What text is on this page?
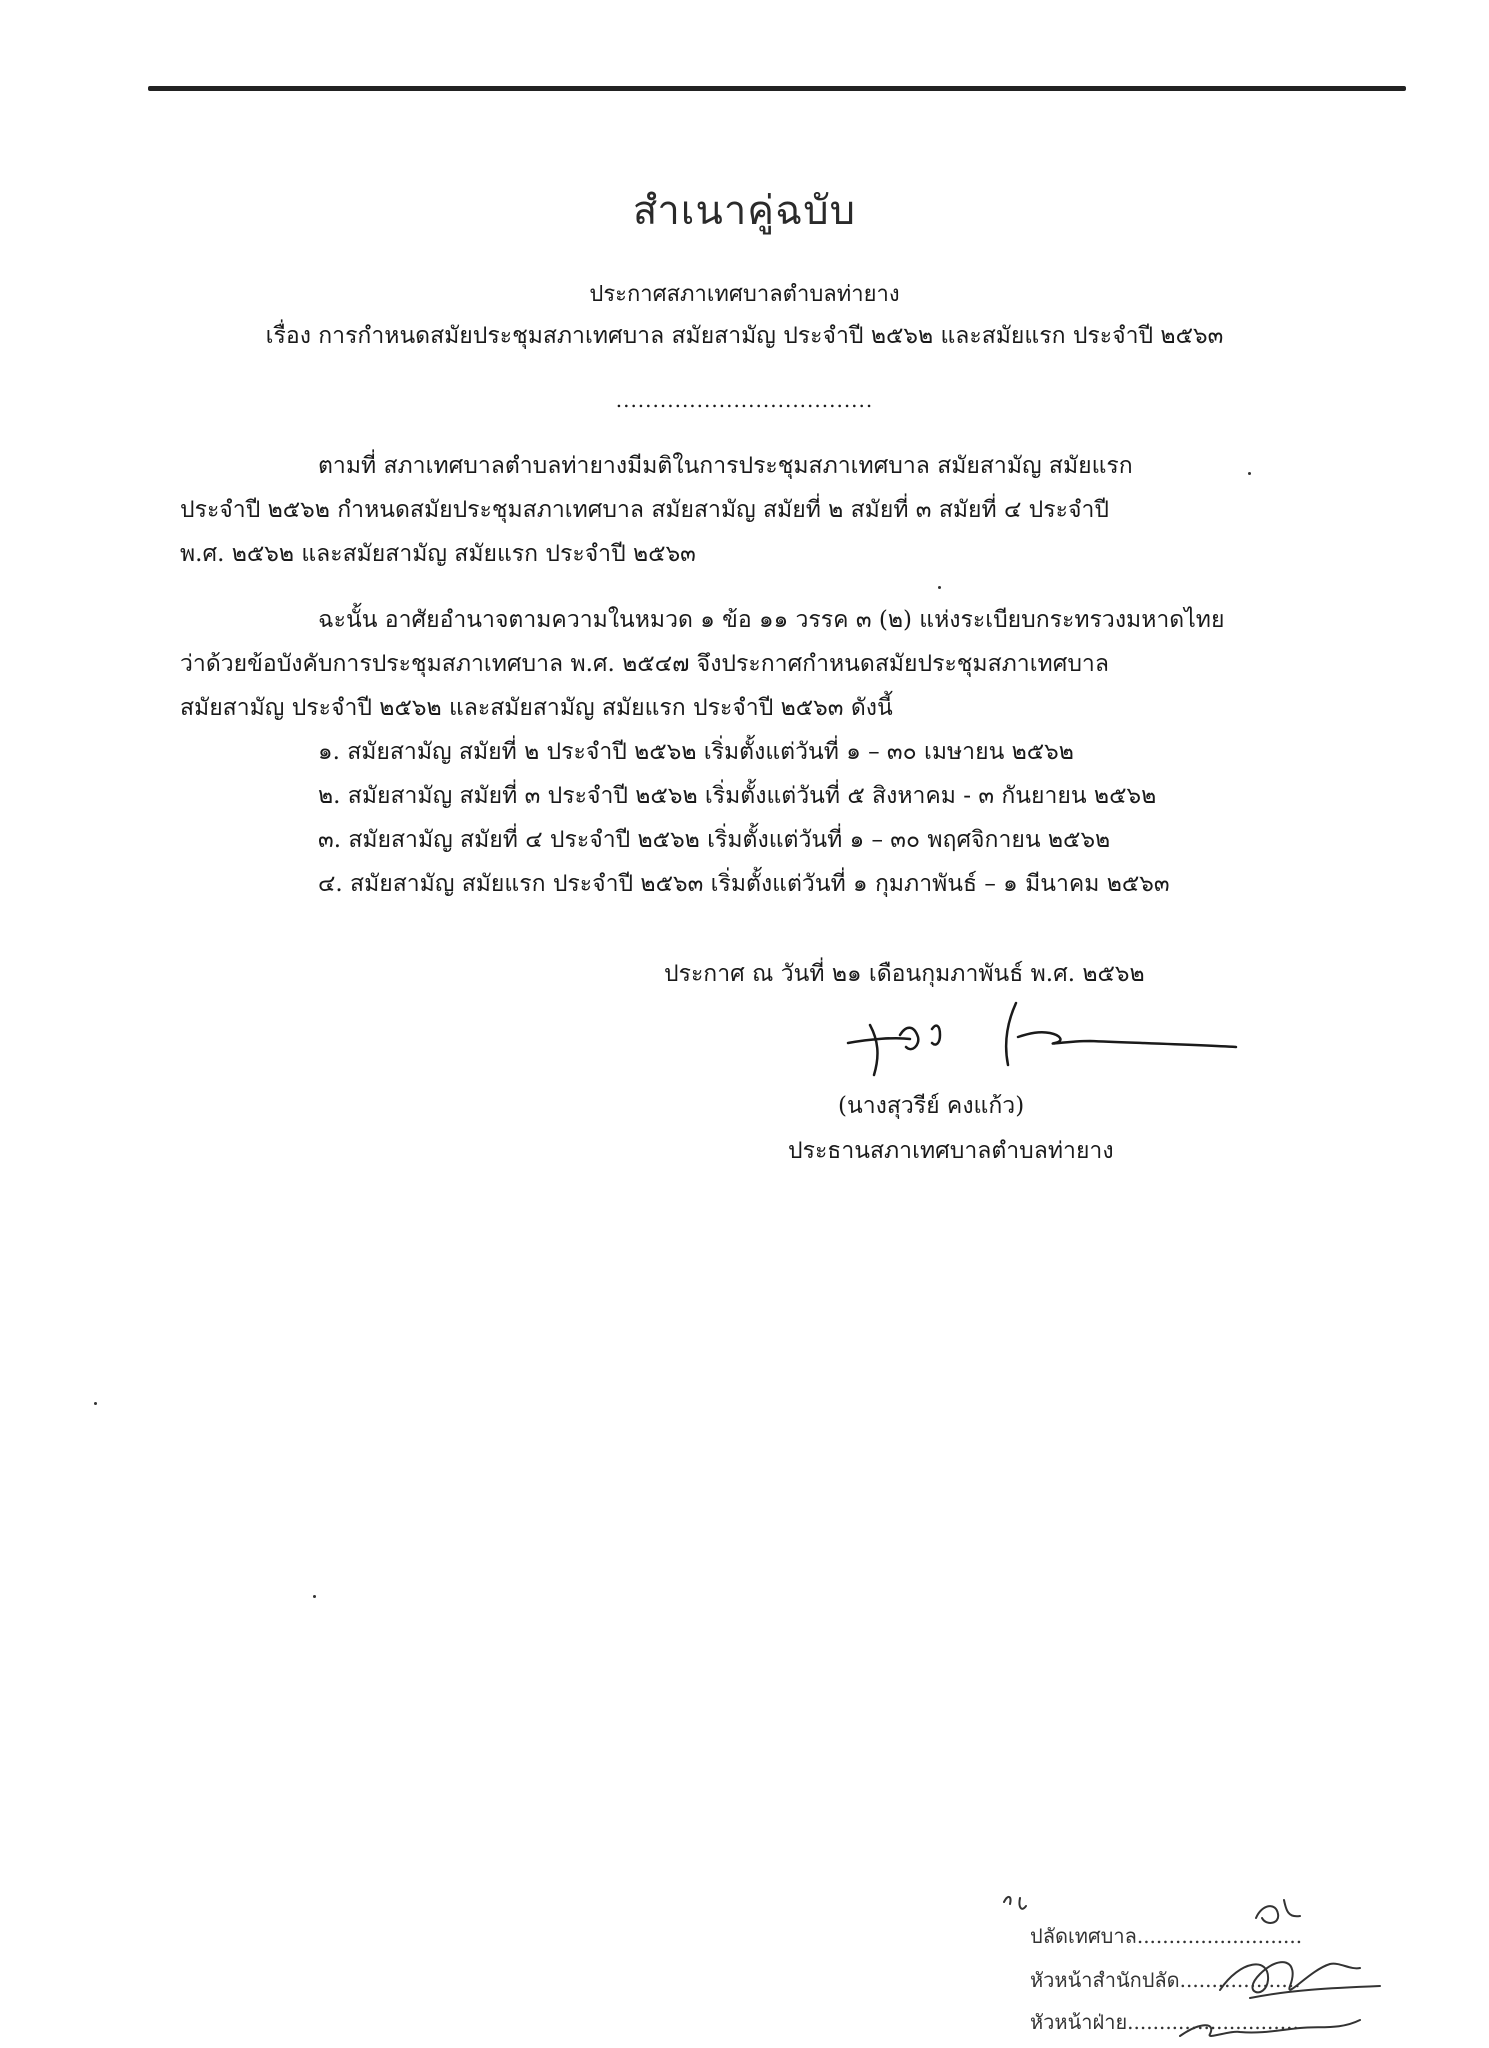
สำเนาคู่ฉบับ
ประกาศสภาเทศบาลตำบลท่ายาง
เรื่อง การกำหนดสมัยประชุมสภาเทศบาล สมัยสามัญ ประจำปี ๒๕๖๒ และสมัยแรก ประจำปี ๒๕๖๓
...................................
ตามที่ สภาเทศบาลตำบลท่ายางมีมติในการประชุมสภาเทศบาล สมัยสามัญ สมัยแรก
ประจำปี ๒๕๖๒ กำหนดสมัยประชุมสภาเทศบาล สมัยสามัญ สมัยที่ ๒ สมัยที่ ๓ สมัยที่ ๔ ประจำปี
พ.ศ. ๒๕๖๒ และสมัยสามัญ สมัยแรก ประจำปี ๒๕๖๓
ฉะนั้น อาศัยอำนาจตามความในหมวด ๑ ข้อ ๑๑ วรรค ๓ (๒) แห่งระเบียบกระทรวงมหาดไทย
ว่าด้วยข้อบังคับการประชุมสภาเทศบาล พ.ศ. ๒๕๔๗ จึงประกาศกำหนดสมัยประชุมสภาเทศบาล
สมัยสามัญ ประจำปี ๒๕๖๒ และสมัยสามัญ สมัยแรก ประจำปี ๒๕๖๓ ดังนี้
๑. สมัยสามัญ สมัยที่ ๒ ประจำปี ๒๕๖๒ เริ่มตั้งแต่วันที่ ๑ – ๓๐ เมษายน ๒๕๖๒
๒. สมัยสามัญ สมัยที่ ๓ ประจำปี ๒๕๖๒ เริ่มตั้งแต่วันที่ ๕ สิงหาคม - ๓ กันยายน ๒๕๖๒
๓. สมัยสามัญ สมัยที่ ๔ ประจำปี ๒๕๖๒ เริ่มตั้งแต่วันที่ ๑ – ๓๐ พฤศจิกายน ๒๕๖๒
๔. สมัยสามัญ สมัยแรก ประจำปี ๒๕๖๓ เริ่มตั้งแต่วันที่ ๑ กุมภาพันธ์ – ๑ มีนาคม ๒๕๖๓
ประกาศ ณ วันที่ ๒๑ เดือนกุมภาพันธ์ พ.ศ. ๒๕๖๒
(นางสุวรีย์ คงแก้ว)
ประธานสภาเทศบาลตำบลท่ายาง
ปลัดเทศบาล..........................
หัวหน้าสำนักปลัด...................
หัวหน้าฝ่าย...........................
